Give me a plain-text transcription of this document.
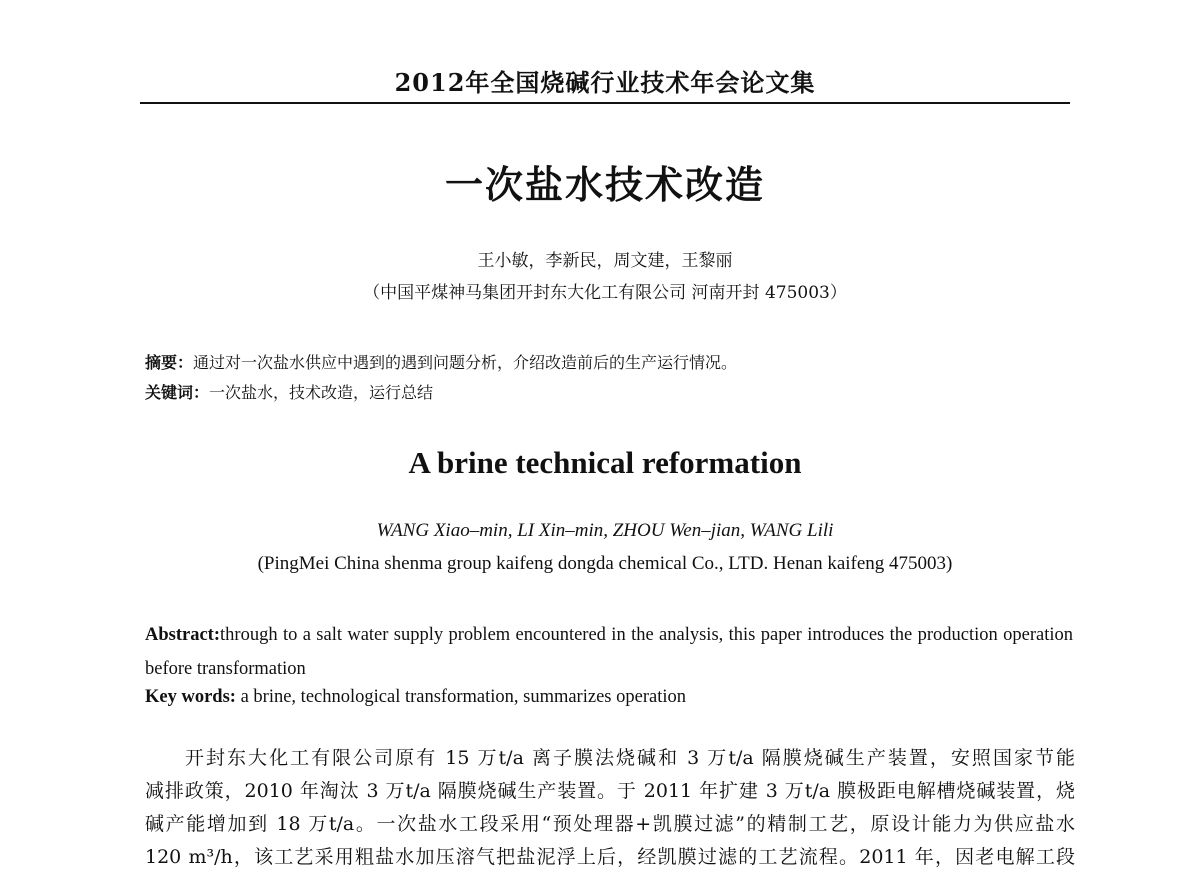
2012年全国烧碱行业技术年会论文集
一次盐水技术改造
王小敏，李新民，周文建，王黎丽
（中国平煤神马集团开封东大化工有限公司 河南开封 475003）
摘要：通过对一次盐水供应中遇到的遇到问题分析，介绍改造前后的生产运行情况。
关键词：一次盐水，技术改造，运行总结
A brine technical reformation
WANG Xiao–min, LI Xin–min, ZHOU Wen–jian, WANG Lili
(PingMei China shenma group kaifeng dongda chemical Co., LTD. Henan kaifeng 475003)
Abstract:through to a salt water supply problem encountered in the analysis, this paper introduces the production operation before transformation
Key words: a brine, technological transformation, summarizes operation
开封东大化工有限公司原有 15 万t/a 离子膜法烧碱和 3 万t/a 隔膜烧碱生产装置，安照国家节能
减排政策，2010 年淘汰 3 万t/a 隔膜烧碱生产装置。于 2011 年扩建 3 万t/a 膜极距电解槽烧碱装置，烧
碱产能增加到 18 万t/a。一次盐水工段采用“预处理器+凯膜过滤”的精制工艺，原设计能力为供应盐水
120 m³/h，该工艺采用粗盐水加压溶气把盐泥浮上后，经凯膜过滤的工艺流程。2011 年，因老电解工段
